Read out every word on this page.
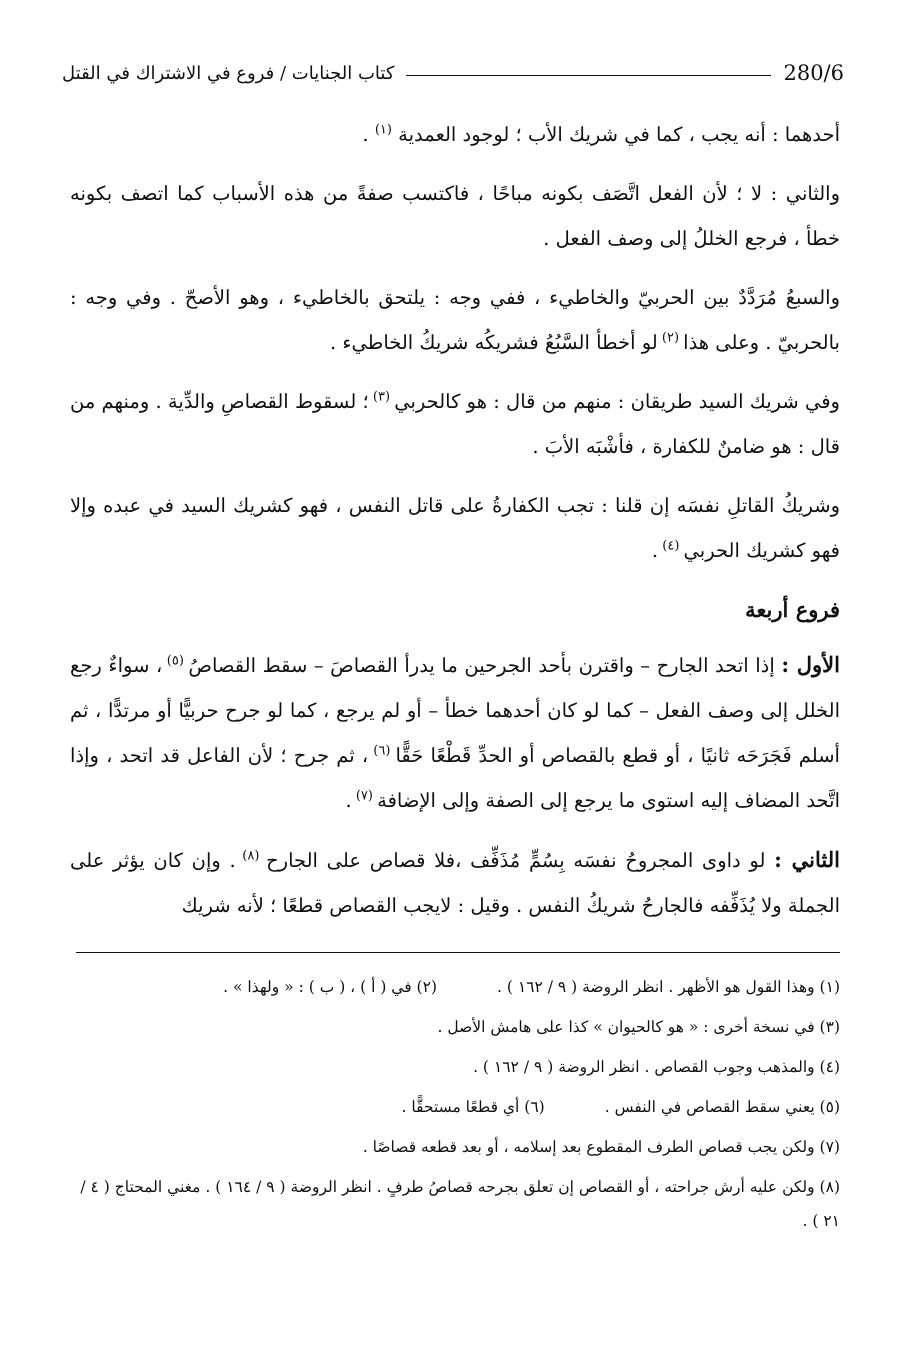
280/6
كتاب الجنايات / فروع في الاشتراك في القتل

أحدهما : أنه يجب ، كما في شريك الأب ؛ لوجود العمدية $^{(١)}$ .

والثاني : لا ؛ لأن الفعل اتَّصَف بكونه مباحًا ، فاكتسب صفةً من هذه الأسباب كما اتصف بكونه خطأ ، فرجع الخللُ إلى وصف الفعل .

والسبعُ مُرَدَّدٌ بين الحربيّ والخاطيء ، ففي وجه : يلتحق بالخاطيء ، وهو الأصحّ . وفي وجه : بالحربيّ . وعلى هذا $^{(٢)}$ لو أخطأ السَّبُعُ فشريكُه شريكُ الخاطيء .

وفي شريك السيد طريقان : منهم من قال : هو كالحربي $^{(٣)}$ ؛ لسقوط القصاصِ والدِّية . ومنهم من قال : هو ضامنٌ للكفارة ، فأشْبَه الأبَ .

وشريكُ القاتلِ نفسَه إن قلنا : تجب الكفارةُ على قاتل النفس ، فهو كشريك السيد في عبده وإلا فهو كشريك الحربي $^{(٤)}$ .

فروع أربعة

الأول : إذا اتحد الجارح – واقترن بأحد الجرحين ما يدرأ القصاصَ – سقط القصاصُ $^{(٥)}$ ، سواءٌ رجع الخلل إلى وصف الفعل – كما لو كان أحدهما خطأ – أو لم يرجع ، كما لو جرح حربيًّا أو مرتدًّا ، ثم أسلم فَجَرَحَه ثانيًا ، أو قطع بالقصاص أو الحدِّ قَطْعًا حَقًّا $^{(٦)}$ ، ثم جرح ؛ لأن الفاعل قد اتحد ، وإذا اتَّحد المضاف إليه استوى ما يرجع إلى الصفة وإلى الإضافة $^{(٧)}$ .

الثاني : لو داوى المجروحُ نفسَه بِسُمٍّ مُذَفِّف ،فلا قصاص على الجارح $^{(٨)}$ . وإن كان يؤثر على الجملة ولا يُذَفِّفه فالجارحُ شريكُ النفس . وقيل : لايجب القصاص قطعًا ؛ لأنه شريك

(١) وهذا القول هو الأظهر . انظر الروضة ( ٩ / ١٦٢ ) .
(٢) في ( أ ) ، ( ب ) : « ولهذا » .
(٣) في نسخة أخرى : « هو كالحيوان » كذا على هامش الأصل .
(٤) والمذهب وجوب القصاص . انظر الروضة ( ٩ / ١٦٢ ) .
(٥) يعني سقط القصاص في النفس .
(٦) أي قطعًا مستحقًّا .
(٧) ولكن يجب قصاص الطرف المقطوع بعد إسلامه ، أو بعد قطعه قصاصًا .
(٨) ولكن عليه أرش جراحته ، أو القصاص إن تعلق بجرحه قصاصُ طرفٍ . انظر الروضة ( ٩ / ١٦٤ ) . مغني المحتاج ( ٤ / ٢١ ) .
